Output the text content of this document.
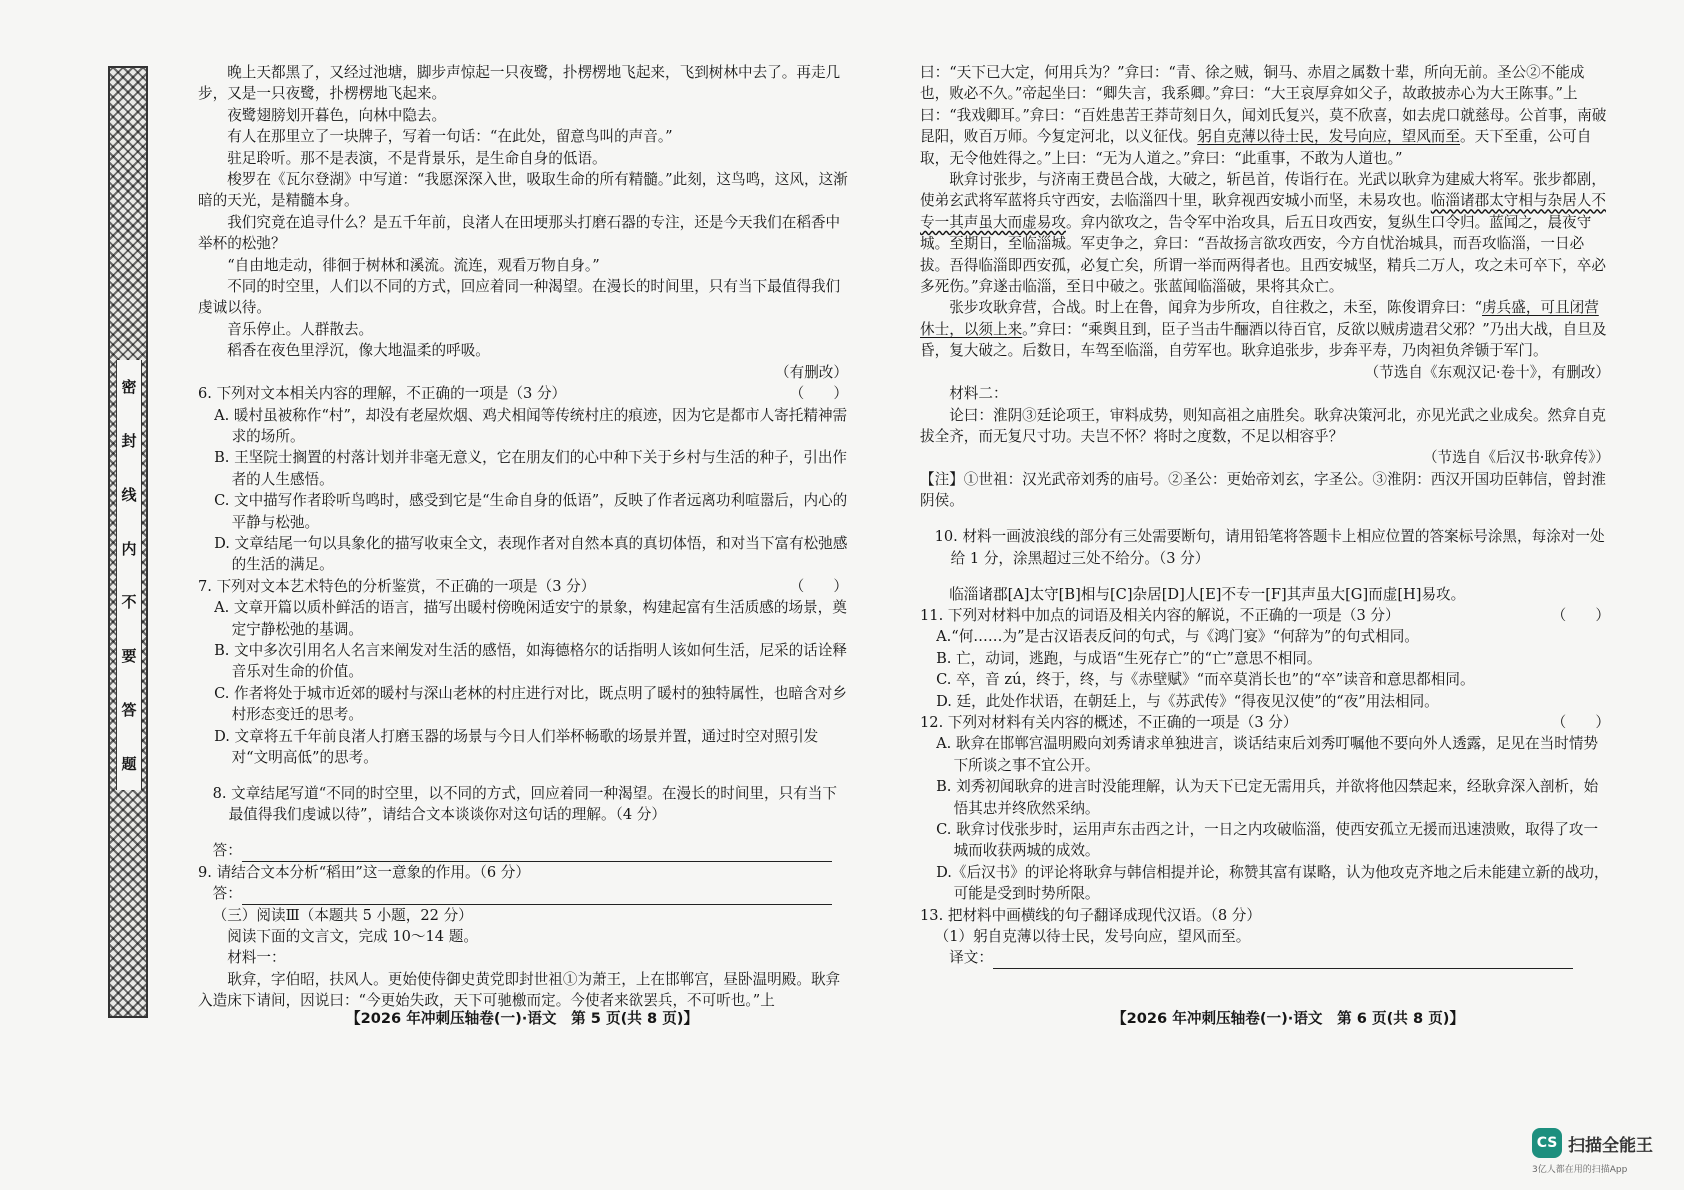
密
封
线
内
不
要
答
题

晚上天都黑了，又经过池塘，脚步声惊起一只夜鹭，扑楞楞地飞起来，飞到树林中去了。再走几步，又是一只夜鹭，扑楞楞地飞起来。

夜鹭翅膀划开暮色，向林中隐去。

有人在那里立了一块牌子，写着一句话：“在此处，留意鸟叫的声音。”

驻足聆听。那不是表演，不是背景乐，是生命自身的低语。

梭罗在《瓦尔登湖》中写道：“我愿深深入世，吸取生命的所有精髓。”此刻，这鸟鸣，这风，这渐暗的天光，是精髓本身。

我们究竟在追寻什么？是五千年前，良渚人在田埂那头打磨石器的专注，还是今天我们在稻香中举杯的松弛？

“自由地走动，徘徊于树林和溪流。流连，观看万物自身。”

不同的时空里，人们以不同的方式，回应着同一种渴望。在漫长的时间里，只有当下最值得我们虔诚以待。

音乐停止。人群散去。

稻香在夜色里浮沉，像大地温柔的呼吸。

（有删改）

（　　）
6. 下列对文本相关内容的理解，不正确的一项是（3 分）

A. 暖村虽被称作“村”，却没有老屋炊烟、鸡犬相闻等传统村庄的痕迹，因为它是都市人寄托精神需求的场所。

B. 王坚院士搁置的村落计划并非毫无意义，它在朋友们的心中种下关于乡村与生活的种子，引出作者的人生感悟。

C. 文中描写作者聆听鸟鸣时，感受到它是“生命自身的低语”，反映了作者远离功利喧嚣后，内心的平静与松弛。

D. 文章结尾一句以具象化的描写收束全文，表现作者对自然本真的真切体悟，和对当下富有松弛感的生活的满足。

（　　）
7. 下列对文本艺术特色的分析鉴赏，不正确的一项是（3 分）

A. 文章开篇以质朴鲜活的语言，描写出暖村傍晚闲适安宁的景象，构建起富有生活质感的场景，奠定宁静松弛的基调。

B. 文中多次引用名人名言来阐发对生活的感悟，如海德格尔的话指明人该如何生活，尼采的话诠释音乐对生命的价值。

C. 作者将处于城市近郊的暖村与深山老林的村庄进行对比，既点明了暖村的独特属性，也暗含对乡村形态变迁的思考。

D. 文章将五千年前良渚人打磨玉器的场景与今日人们举杯畅歌的场景并置，通过时空对照引发对“文明高低”的思考。

8. 文章结尾写道“不同的时空里，以不同的方式，回应着同一种渴望。在漫长的时间里，只有当下最值得我们虔诚以待”，请结合文本谈谈你对这句话的理解。（4 分）

答：

9. 请结合文本分析“稻田”这一意象的作用。（6 分）

答：

（三）阅读Ⅲ（本题共 5 小题，22 分）

阅读下面的文言文，完成 10～14 题。

材料一：

耿弇，字伯昭，扶风人。更始使侍御史黄党即封世祖①为萧王，上在邯郸宫，昼卧温明殿。耿弇入造床下请间，因说曰：“今更始失政，天下可驰檄而定。今使者来欲罢兵，不可听也。”上

曰：“天下已大定，何用兵为？”弇曰：“青、徐之贼，铜马、赤眉之属数十辈，所向无前。圣公②不能成也，败必不久。”帝起坐曰：“卿失言，我系卿。”弇曰：“大王哀厚弇如父子，故敢披赤心为大王陈事。”上曰：“我戏卿耳。”弇曰：“百姓患苦王莽苛刻日久，闻刘氏复兴，莫不欣喜，如去虎口就慈母。公首事，南破昆阳，败百万师。今复定河北，以义征伐。躬自克薄以待士民，发号向应，望风而至。天下至重，公可自取，无令他姓得之。”上曰：“无为人道之。”弇曰：“此重事，不敢为人道也。”

耿弇讨张步，与济南王费邑合战，大破之，斩邑首，传诣行在。光武以耿弇为建威大将军。张步都剧，使弟玄武将军蓝将兵守西安，去临淄四十里，耿弇视西安城小而坚，未易攻也。临淄诸郡太守相与杂居人不专一其声虽大而虚易攻。弇内欲攻之，告令军中治攻具，后五日攻西安，复纵生口令归。蓝闻之，晨夜守城。至期日，至临淄城。军吏争之，弇曰：“吾故扬言欲攻西安，今方自忧治城具，而吾攻临淄，一日必拔。吾得临淄即西安孤，必复亡矣，所谓一举而两得者也。且西安城坚，精兵二万人，攻之未可卒下，卒必多死伤。”弇遂击临淄，至日中破之。张蓝闻临淄破，果将其众亡。

张步攻耿弇营，合战。时上在鲁，闻弇为步所攻，自往救之，未至，陈俊谓弇曰：“虏兵盛，可且闭营休士，以须上来。”弇曰：“乘舆且到，臣子当击牛酾酒以待百官，反欲以贼虏遗君父邪？”乃出大战，自旦及昏，复大破之。后数日，车驾至临淄，自劳军也。耿弇追张步，步奔平寿，乃肉袒负斧锧于军门。

（节选自《东观汉记·卷十》，有删改）

材料二：

论曰：淮阴③廷论项王，审料成势，则知高祖之庙胜矣。耿弇决策河北，亦见光武之业成矣。然弇自克拔全齐，而无复尺寸功。夫岂不怀？将时之度数，不足以相容乎？

（节选自《后汉书·耿弇传》）

【注】①世祖：汉光武帝刘秀的庙号。②圣公：更始帝刘玄，字圣公。③淮阴：西汉开国功臣韩信，曾封淮阴侯。

10. 材料一画波浪线的部分有三处需要断句，请用铅笔将答题卡上相应位置的答案标号涂黑，每涂对一处给 1 分，涂黑超过三处不给分。（3 分）

临淄诸郡[A]太守[B]相与[C]杂居[D]人[E]不专一[F]其声虽大[G]而虚[H]易攻。

（　　）
11. 下列对材料中加点的词语及相关内容的解说，不正确的一项是（3 分）

A.“何……为”是古汉语表反问的句式，与《鸿门宴》“何辞为”的句式相同。

B. 亡，动词，逃跑，与成语“生死存亡”的“亡”意思不相同。

C. 卒，音 zú，终于，终，与《赤壁赋》“而卒莫消长也”的“卒”读音和意思都相同。

D. 廷，此处作状语，在朝廷上，与《苏武传》“得夜见汉使”的“夜”用法相同。

（　　）
12. 下列对材料有关内容的概述，不正确的一项是（3 分）

A. 耿弇在邯郸宫温明殿向刘秀请求单独进言，谈话结束后刘秀叮嘱他不要向外人透露，足见在当时情势下所谈之事不宜公开。

B. 刘秀初闻耿弇的进言时没能理解，认为天下已定无需用兵，并欲将他囚禁起来，经耿弇深入剖析，始悟其忠并终欣然采纳。

C. 耿弇讨伐张步时，运用声东击西之计，一日之内攻破临淄，使西安孤立无援而迅速溃败，取得了攻一城而收获两城的成效。

D.《后汉书》的评论将耿弇与韩信相提并论，称赞其富有谋略，认为他攻克齐地之后未能建立新的战功，可能是受到时势所限。

13. 把材料中画横线的句子翻译成现代汉语。（8 分）

（1）躬自克薄以待士民，发号向应，望风而至。

译文：

【2026 年冲刺压轴卷(一)·语文　第 5 页(共 8 页)】	【2026 年冲刺压轴卷(一)·语文　第 6 页(共 8 页)】
CS 扫描全能王
3亿人都在用的扫描App
